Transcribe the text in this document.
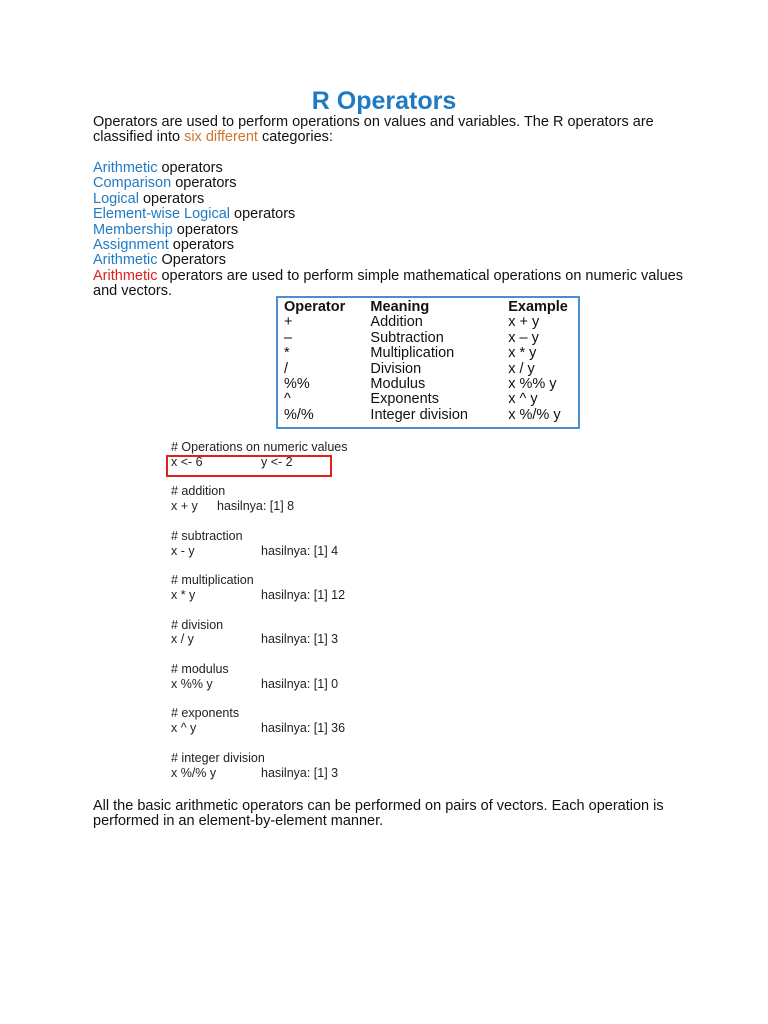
R Operators
Operators are used to perform operations on values and variables. The R operators are classified into six different categories:
Arithmetic operators
Comparison operators
Logical operators
Element-wise Logical operators
Membership operators
Assignment operators
Arithmetic Operators
Arithmetic operators are used to perform simple mathematical operations on numeric values and vectors.
Operator	Meaning	Example
+	Addition	x + y
–	Subtraction	x – y
*	Multiplication	x * y
/	Division	x / y
%%	Modulus	x %% y
^	Exponents	x ^ y
%/%	Integer division	x %/% y
# Operations on numeric values
x <- 6	y <- 2
# addition
x + y hasilnya: [1] 8
# subtraction
x - y	hasilnya: [1] 4
# multiplication
x * y	hasilnya: [1] 12
# division
x / y	hasilnya: [1] 3
# modulus
x %% y	hasilnya: [1] 0
# exponents
x ^ y	hasilnya: [1] 36
# integer division
x %/% y	hasilnya: [1] 3
All the basic arithmetic operators can be performed on pairs of vectors. Each operation is performed in an element-by-element manner.
